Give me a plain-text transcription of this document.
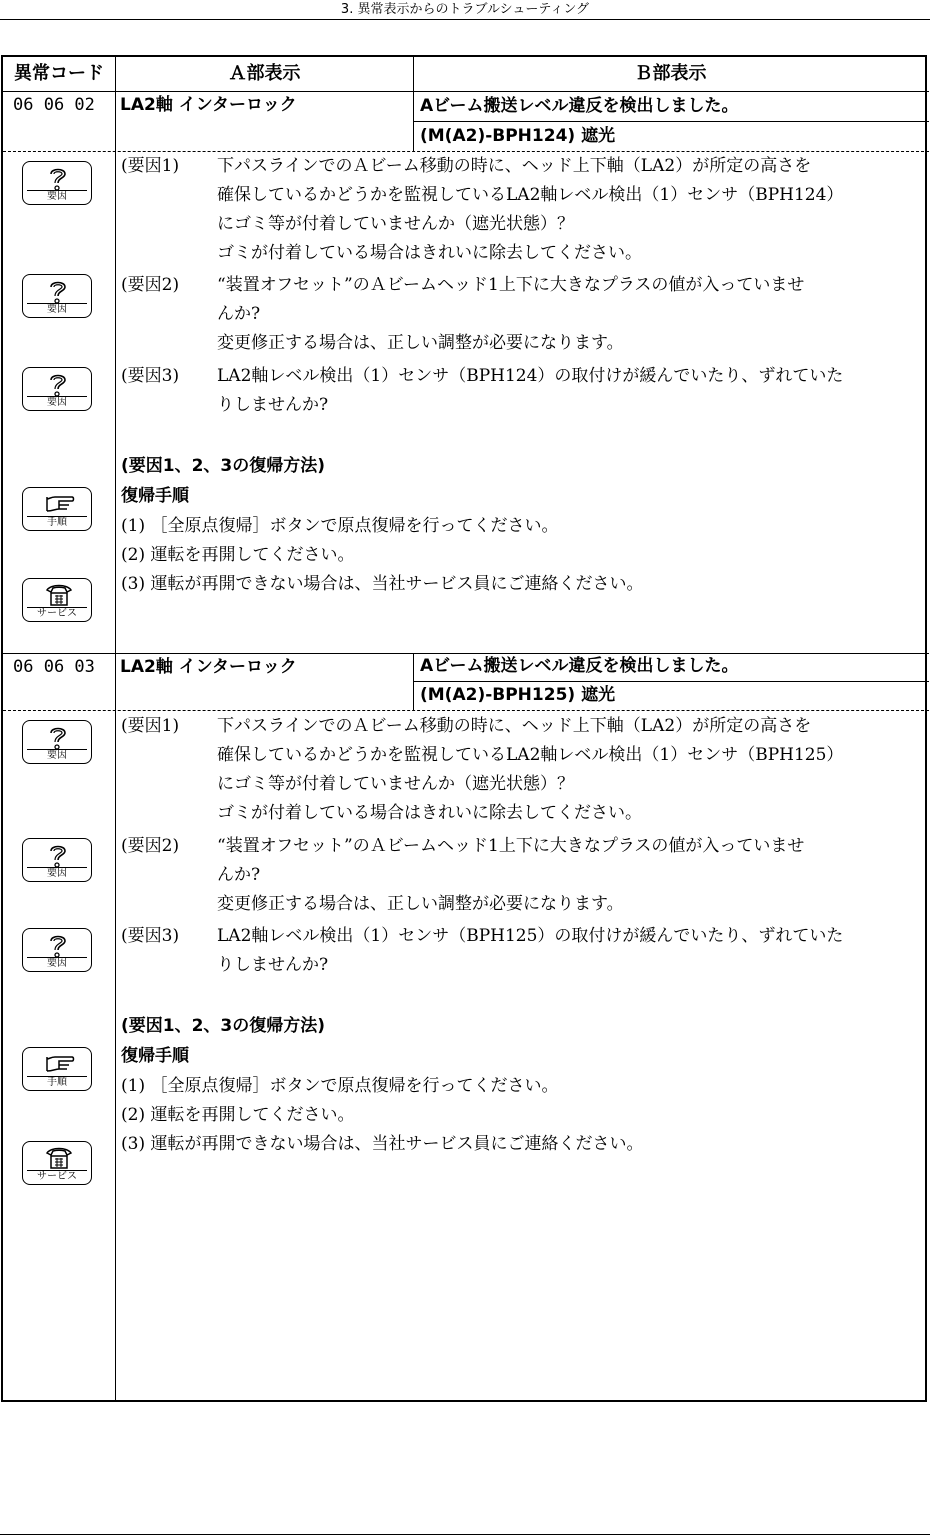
3. 異常表示からのトラブルシューティング
異常コード	Ａ部表示	Ｂ部表示
06 06 02 LA2軸 インターロック	Aビーム搬送レベル違反を検出しました。
(M(A2)-BPH124) 遮光
要因
要因
要因
手順
サービス
(要因1) 下パスラインでのＡビーム移動の時に、ヘッド上下軸（LA2）が所定の高さを
確保しているかどうかを監視しているLA2軸レベル検出（1）センサ（BPH124）
にゴミ等が付着していませんか（遮光状態）？
ゴミが付着している場合はきれいに除去してください。
(要因2) “装置オフセット”のＡビームヘッド1上下に大きなプラスの値が入っていませ
んか?
変更修正する場合は、正しい調整が必要になります。
(要因3) LA2軸レベル検出（1）センサ（BPH124）の取付けが緩んでいたり、ずれていた
りしませんか?
(要因1、2、3の復帰方法)
復帰手順
(1) ［全原点復帰］ボタンで原点復帰を行ってください。
(2) 運転を再開してください。
(3) 運転が再開できない場合は、当社サービス員にご連絡ください。
06 06 03 LA2軸 インターロック	Aビーム搬送レベル違反を検出しました。
(M(A2)-BPH125) 遮光
要因
要因
要因
手順
サービス
(要因1) 下パスラインでのＡビーム移動の時に、ヘッド上下軸（LA2）が所定の高さを
確保しているかどうかを監視しているLA2軸レベル検出（1）センサ（BPH125）
にゴミ等が付着していませんか（遮光状態）？
ゴミが付着している場合はきれいに除去してください。
(要因2) “装置オフセット”のＡビームヘッド1上下に大きなプラスの値が入っていませ
んか?
変更修正する場合は、正しい調整が必要になります。
(要因3) LA2軸レベル検出（1）センサ（BPH125）の取付けが緩んでいたり、ずれていた
りしませんか?
(要因1、2、3の復帰方法)
復帰手順
(1) ［全原点復帰］ボタンで原点復帰を行ってください。
(2) 運転を再開してください。
(3) 運転が再開できない場合は、当社サービス員にご連絡ください。
